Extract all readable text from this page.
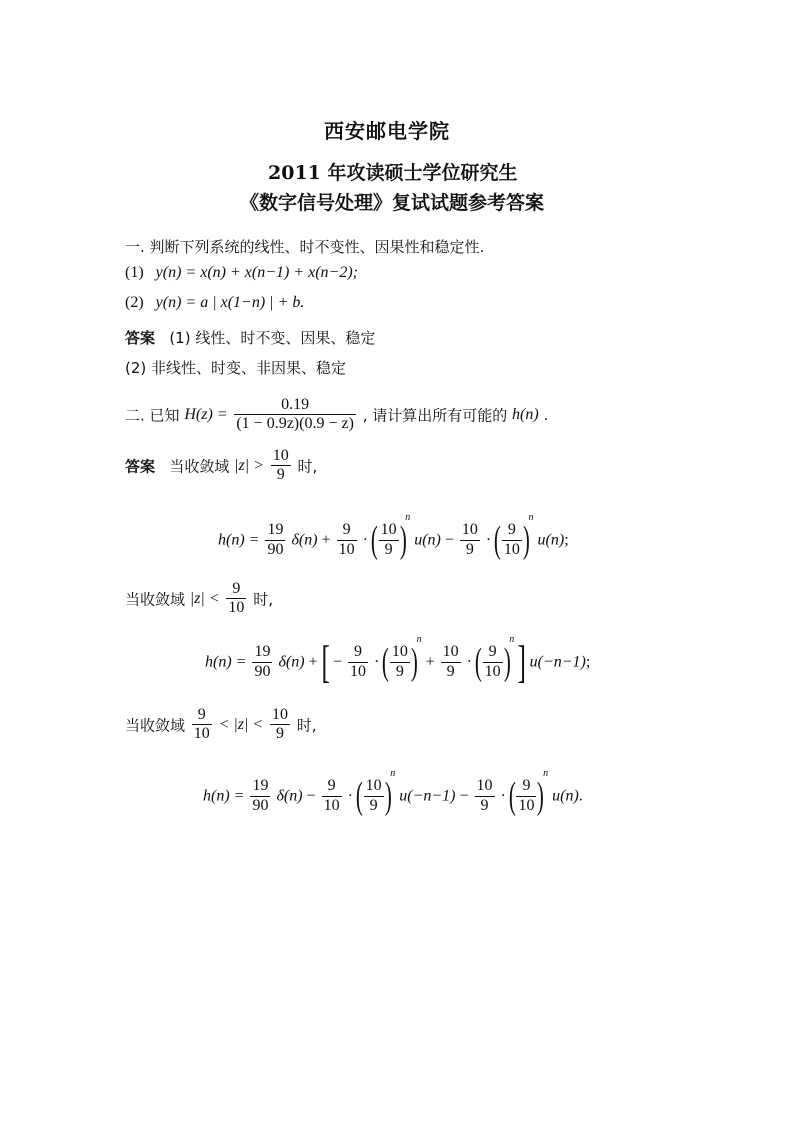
西安邮电学院
2011 年攻读硕士学位研究生
《数字信号处理》复试试题参考答案
一. 判断下列系统的线性、时不变性、因果性和稳定性.
(1) y(n) = x(n) + x(n−1) + x(n−2);
(2) y(n) = a | x(1−n) | + b.
答案 (1) 线性、时不变、因果、稳定
(2) 非线性、时变、非因果、稳定
二. 已知 $H(z) = \frac{0.19}{(1 - 0.9z)(0.9 - z)}$ , 请计算出所有可能的 h(n) .
答案 当收敛域 $|z| > \frac{10}{9}$ 时,
$h(n) = \frac{19}{90} \delta(n) + \frac{9}{10}$ · ( $\frac{10}{9} )^n$ $u(n) - \frac{10}{9}$ · ( $\frac{9}{10} )^n$ u(n);
当收敛域 $|z| < \frac{9}{10}$ 时,
$h(n) = \frac{19}{90} \delta(n)$ + [ − $\frac{9}{10}$ · ( $\frac{10}{9} )^n + \frac{10}{9}$ · ( $\frac{9}{10} )^n$ ] u(−n−1);
当收敛域 $\frac{9}{10} < |z| < \frac{10}{9}$ 时,
$h(n) = \frac{19}{90} \delta(n) - \frac{9}{10}$ · ( $\frac{10}{9} )^n$ $u(-n-1) - \frac{10}{9}$ · ( $\frac{9}{10} )^n$ u(n).
